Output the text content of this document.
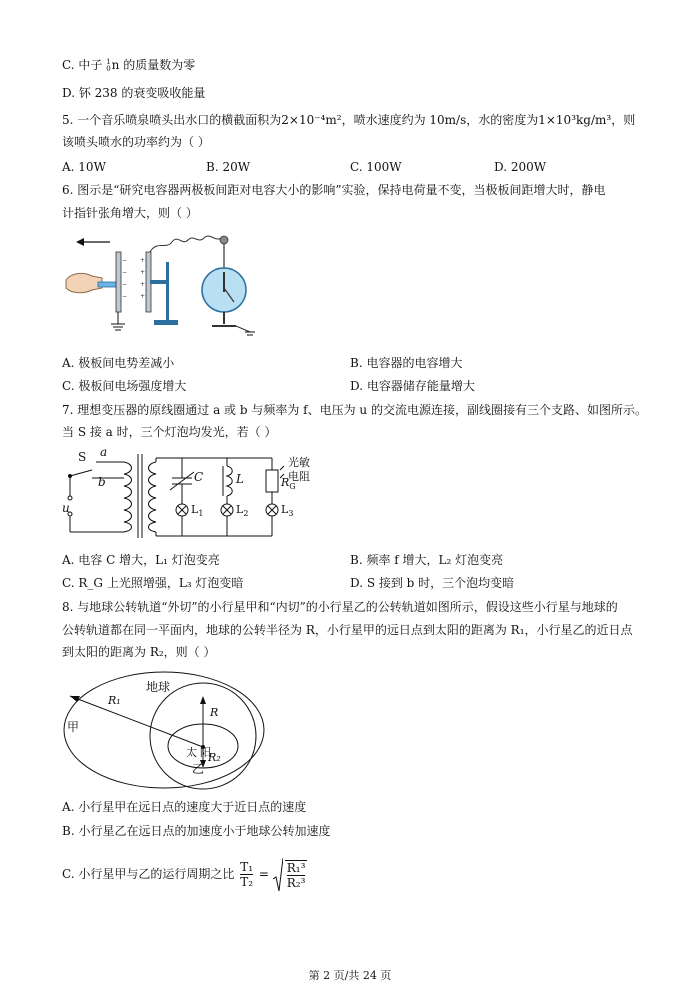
C. 中子 1
0 n 的质量数为零
D. 钚 238 的衰变吸收能量
5. 一个音乐喷泉喷头出水口的横截面积为2×10⁻⁴m²，喷水速度约为 10m/s，水的密度为1×10³kg/m³，则
该喷头喷水的功率约为（ ）
A. 10W	B. 20W	C. 100W	D. 200W
6. 图示是“研究电容器两极板间距对电容大小的影响”实验，保持电荷量不变，当极板间距增大时，静电
计指针张角增大，则（ ）
−
−
−
−
+
+
+
+
A. 极板间电势差减小	B. 电容器的电容增大
C. 极板间电场强度增大	D. 电容器储存能量增大
7. 理想变压器的原线圈通过 a 或 b 与频率为 f、电压为 u 的交流电源连接，副线圈接有三个支路、如图所示。
当 S 接 a 时，三个灯泡均发光，若（ ）
S a
b
u
C	L	$R_G$
光敏
电阻
$L_1$	$L_2$	$L_3$
A. 电容 C 增大，L₁ 灯泡变亮	B. 频率 f 增大，L₂ 灯泡变亮
C. R_G 上光照增强，L₃ 灯泡变暗	D. S 接到 b 时，三个泡均变暗
8. 与地球公转轨道“外切”的小行星甲和“内切”的小行星乙的公转轨道如图所示，假设这些小行星与地球的
公转轨道都在同一平面内，地球的公转半径为 R，小行星甲的远日点到太阳的距离为 R₁，小行星乙的近日点
到太阳的距离为 R₂，则（ ）
地球
甲
R₁
R
R₂
太 阳
乙
A. 小行星甲在远日点的速度大于近日点的速度
B. 小行星乙在远日点的加速度小于地球公转加速度
C. 小行星甲与乙的运行周期之比 $\frac{\text{T₁}}{\text{T₂}} = \frac{\text{R₁³}}{\text{R₂³}}$
第 2 页/共 24 页
